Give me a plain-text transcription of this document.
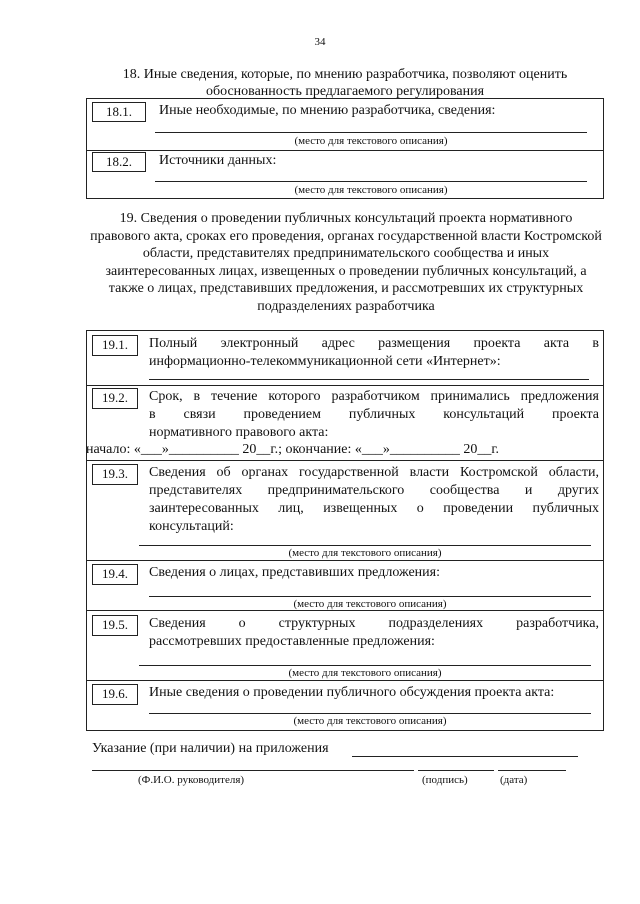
34
18. Иные сведения, которые, по мнению разработчика, позволяют оценить обоснованность предлагаемого регулирования
18.1.	Иные необходимые, по мнению разработчика, сведения:
(место для текстового описания)
18.2.	Источники данных:
(место для текстового описания)
19. Сведения о проведении публичных консультаций проекта нормативного правового акта, сроках его проведения, органах государственной власти Костромской области, представителях предпринимательского сообщества и иных заинтересованных лицах, извещенных о проведении публичных консультаций, а также о лицах, представивших предложения, и рассмотревших их структурных подразделениях разработчика
19.1.	Полный электронный адрес размещения проекта акта в
информационно-телекоммуникационной сети «Интернет»:
19.2.	Срок, в течение которого разработчиком принимались предложения
в связи проведением публичных консультаций проекта
нормативного правового акта:
начало: «___»__________ 20__г.; окончание: «___»__________ 20__г.
19.3.	Сведения об органах государственной власти Костромской области,
представителях предпринимательского сообщества и других
заинтересованных лиц, извещенных о проведении публичных
консультаций:
(место для текстового описания)
19.4.	Сведения о лицах, представивших предложения:
(место для текстового описания)
19.5.	Сведения о структурных подразделениях разработчика,
рассмотревших предоставленные предложения:
(место для текстового описания)
19.6.	Иные сведения о проведении публичного обсуждения проекта акта:
(место для текстового описания)
Указание (при наличии) на приложения
(Ф.И.О. руководителя)	(подпись)	(дата)
